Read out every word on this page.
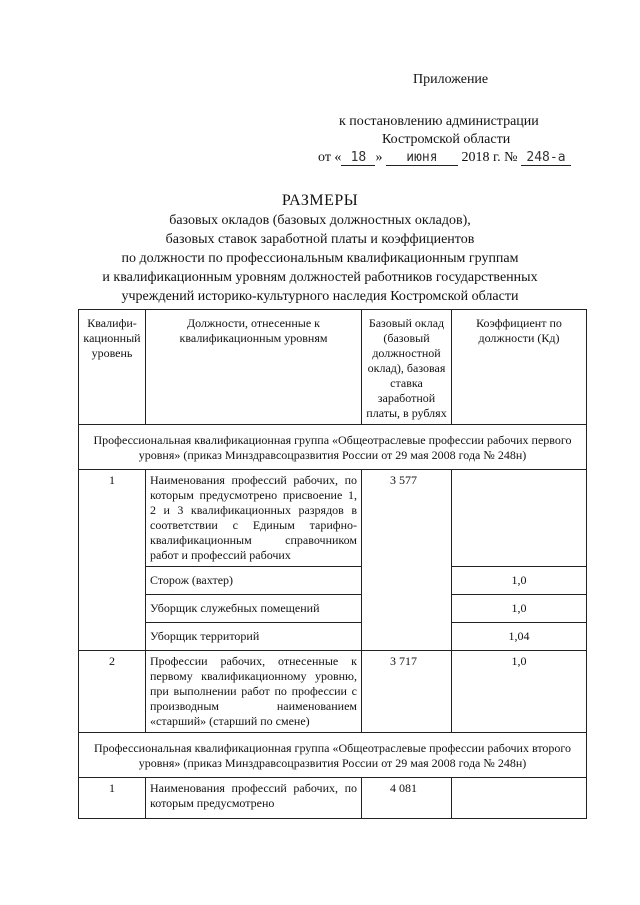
Приложение
к постановлению администрации
Костромской области
от « 18 » июня 2018 г. № 248-а
РАЗМЕРЫ
базовых окладов (базовых должностных окладов),
базовых ставок заработной платы и коэффициентов
по должности по профессиональным квалификационным группам
и квалификационным уровням должностей работников государственных
учреждений историко-культурного наследия Костромской области
Квалифи-кационный уровень	Должности, отнесенные к квалификационным уровням	Базовый оклад (базовый должностной оклад), базовая ставка заработной платы, в рублях	Коэффициент по должности (Кд)
Профессиональная квалификационная группа «Общеотраслевые профессии рабочих первого уровня» (приказ Минздравсоцразвития России от 29 мая 2008 года № 248н)			
1	Наименования профессий рабочих, по которым предусмотрено присвоение 1, 2 и 3 квалификационных разрядов в соответствии с Единым тарифно-квалификационным справочником работ и профессий рабочих	3 577	
	Сторож (вахтер)		1,0
	Уборщик служебных помещений		1,0
	Уборщик территорий		1,04
2	Профессии рабочих, отнесенные к первому квалификационному уровню, при выполнении работ по профессии с производным наименованием «старший» (старший по смене)	3 717	1,0
Профессиональная квалификационная группа «Общеотраслевые профессии рабочих второго уровня» (приказ Минздравсоцразвития России от 29 мая 2008 года № 248н)			
1	Наименования профессий рабочих, по которым предусмотрено	4 081	
